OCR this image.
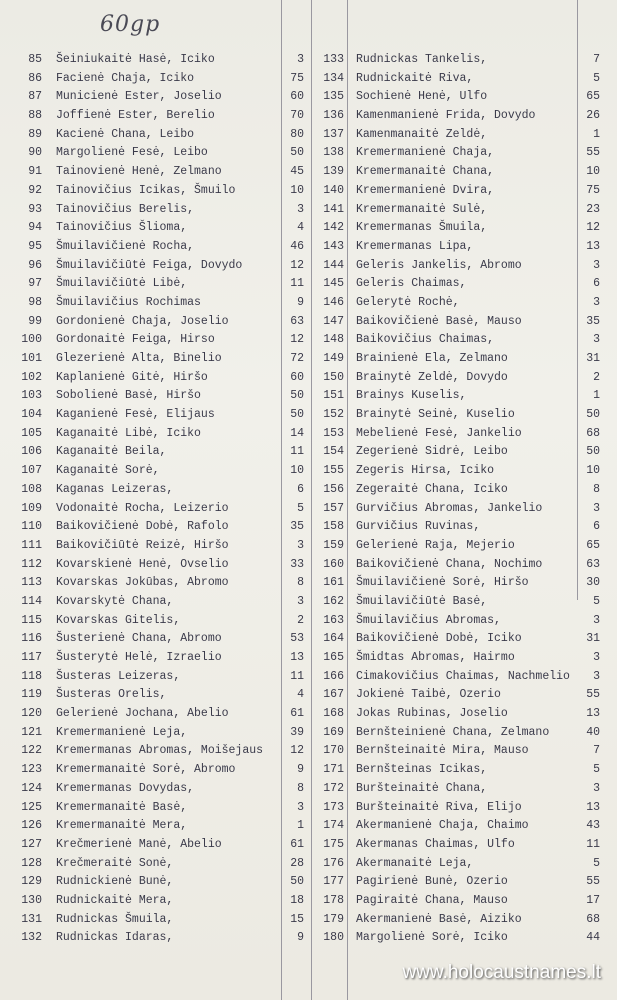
60gp
85 Šeiniukaitė Hasė, Iciko	3	133 Rudnickas Tankelis,	7
86 Facienė Chaja, Iciko	75	134 Rudnickaitė Riva,	5
87 Municienė Ester, Joselio	60	135 Sochienė Henė, Ulfo	65
88 Joffienė Ester, Berelio	70	136 Kamenmanienė Frida, Dovydo	26
89 Kacienė Chana, Leibo	80	137 Kamenmanaitė Zeldė,	1
90 Margolienė Fesė, Leibo	50	138 Kremermanienė Chaja,	55
91 Tainovienė Henė, Zelmano	45	139 Kremermanaitė Chana,	10
92 Tainovičius Icikas, Šmuilo	10	140 Kremermanienė Dvira,	75
93 Tainovičius Berelis,	3	141 Kremermanaitė Sulė,	23
94 Tainovičius Šlioma,	4	142 Kremermanas Šmuila,	12
95 Šmuilavičienė Rocha,	46	143 Kremermanas Lipa,	13
96 Šmuilavičiūtė Feiga, Dovydo	12	144 Geleris Jankelis, Abromo	3
97 Šmuilavičiūtė Libė,	11	145 Geleris Chaimas,	6
98 Šmuilavičius Rochimas	9	146 Gelerytė Rochė,	3
99 Gordonienė Chaja, Joselio	63	147 Baikovičienė Basė, Mauso	35
100 Gordonaitė Feiga, Hirso	12	148 Baikovičius Chaimas,	3
101 Glezerienė Alta, Binelio	72	149 Brainienė Ela, Zelmano	31
102 Kaplanienė Gitė, Hiršo	60	150 Brainytė Zeldė, Dovydo	2
103 Sobolienė Basė, Hiršo	50	151 Brainys Kuselis,	1
104 Kaganienė Fesė, Elijaus	50	152 Brainytė Seinė, Kuselio	50
105 Kaganaitė Libė, Iciko	14	153 Mebelienė Fesė, Jankelio	68
106 Kaganaitė Beila,	11	154 Zegerienė Sidrė, Leibo	50
107 Kaganaitė Sorė,	10	155 Zegeris Hirsa, Iciko	10
108 Kaganas Leizeras,	6	156 Zegeraitė Chana, Iciko	8
109 Vodonaitė Rocha, Leizerio	5	157 Gurvičius Abromas, Jankelio	3
110 Baikovičienė Dobė, Rafolo	35	158 Gurvičius Ruvinas,	6
111 Baikovičiūtė Reizė, Hiršo	3	159 Gelerienė Raja, Mejerio	65
112 Kovarskienė Henė, Ovselio	33	160 Baikovičienė Chana, Nochimo	63
113 Kovarskas Jokūbas, Abromo	8	161 Šmuilavičienė Sorė, Hiršo	30
114 Kovarskytė Chana,	3	162 Šmuilavičiūtė Basė,	5
115 Kovarskas Gitelis,	2	163 Šmuilavičius Abromas,	3
116 Šusterienė Chana, Abromo	53	164 Baikovičienė Dobė, Iciko	31
117 Šusterytė Helė, Izraelio	13	165 Šmidtas Abromas, Hairmo	3
118 Šusteras Leizeras,	11	166 Cimakovičius Chaimas, Nachmelio	3
119 Šusteras Orelis,	4	167 Jokienė Taibė, Ozerio	55
120 Gelerienė Jochana, Abelio	61	168 Jokas Rubinas, Joselio	13
121 Kremermanienė Leja,	39	169 Bernšteinienė Chana, Zelmano	40
122 Kremermanas Abromas, Moišejaus	12	170 Bernšteinaitė Mira, Mauso	7
123 Kremermanaitė Sorė, Abromo	9	171 Bernšteinas Icikas,	5
124 Kremermanas Dovydas,	8	172 Buršteinaitė Chana,	3
125 Kremermanaitė Basė,	3	173 Buršteinaitė Riva, Elijo	13
126 Kremermanaitė Mera,	1	174 Akermanienė Chaja, Chaimo	43
127 Krečmerienė Manė, Abelio	61	175 Akermanas Chaimas, Ulfo	11
128 Krečmeraitė Sonė,	28	176 Akermanaitė Leja,	5
129 Rudnickienė Bunė,	50	177 Pagirienė Bunė, Ozerio	55
130 Rudnickaitė Mera,	18	178 Pagiraitė Chana, Mauso	17
131 Rudnickas Šmuila,	15	179 Akermanienė Basė, Aiziko	68
132 Rudnickas Idaras,	9	180 Margolienė Sorė, Iciko	44
www.holocaustnames.lt
